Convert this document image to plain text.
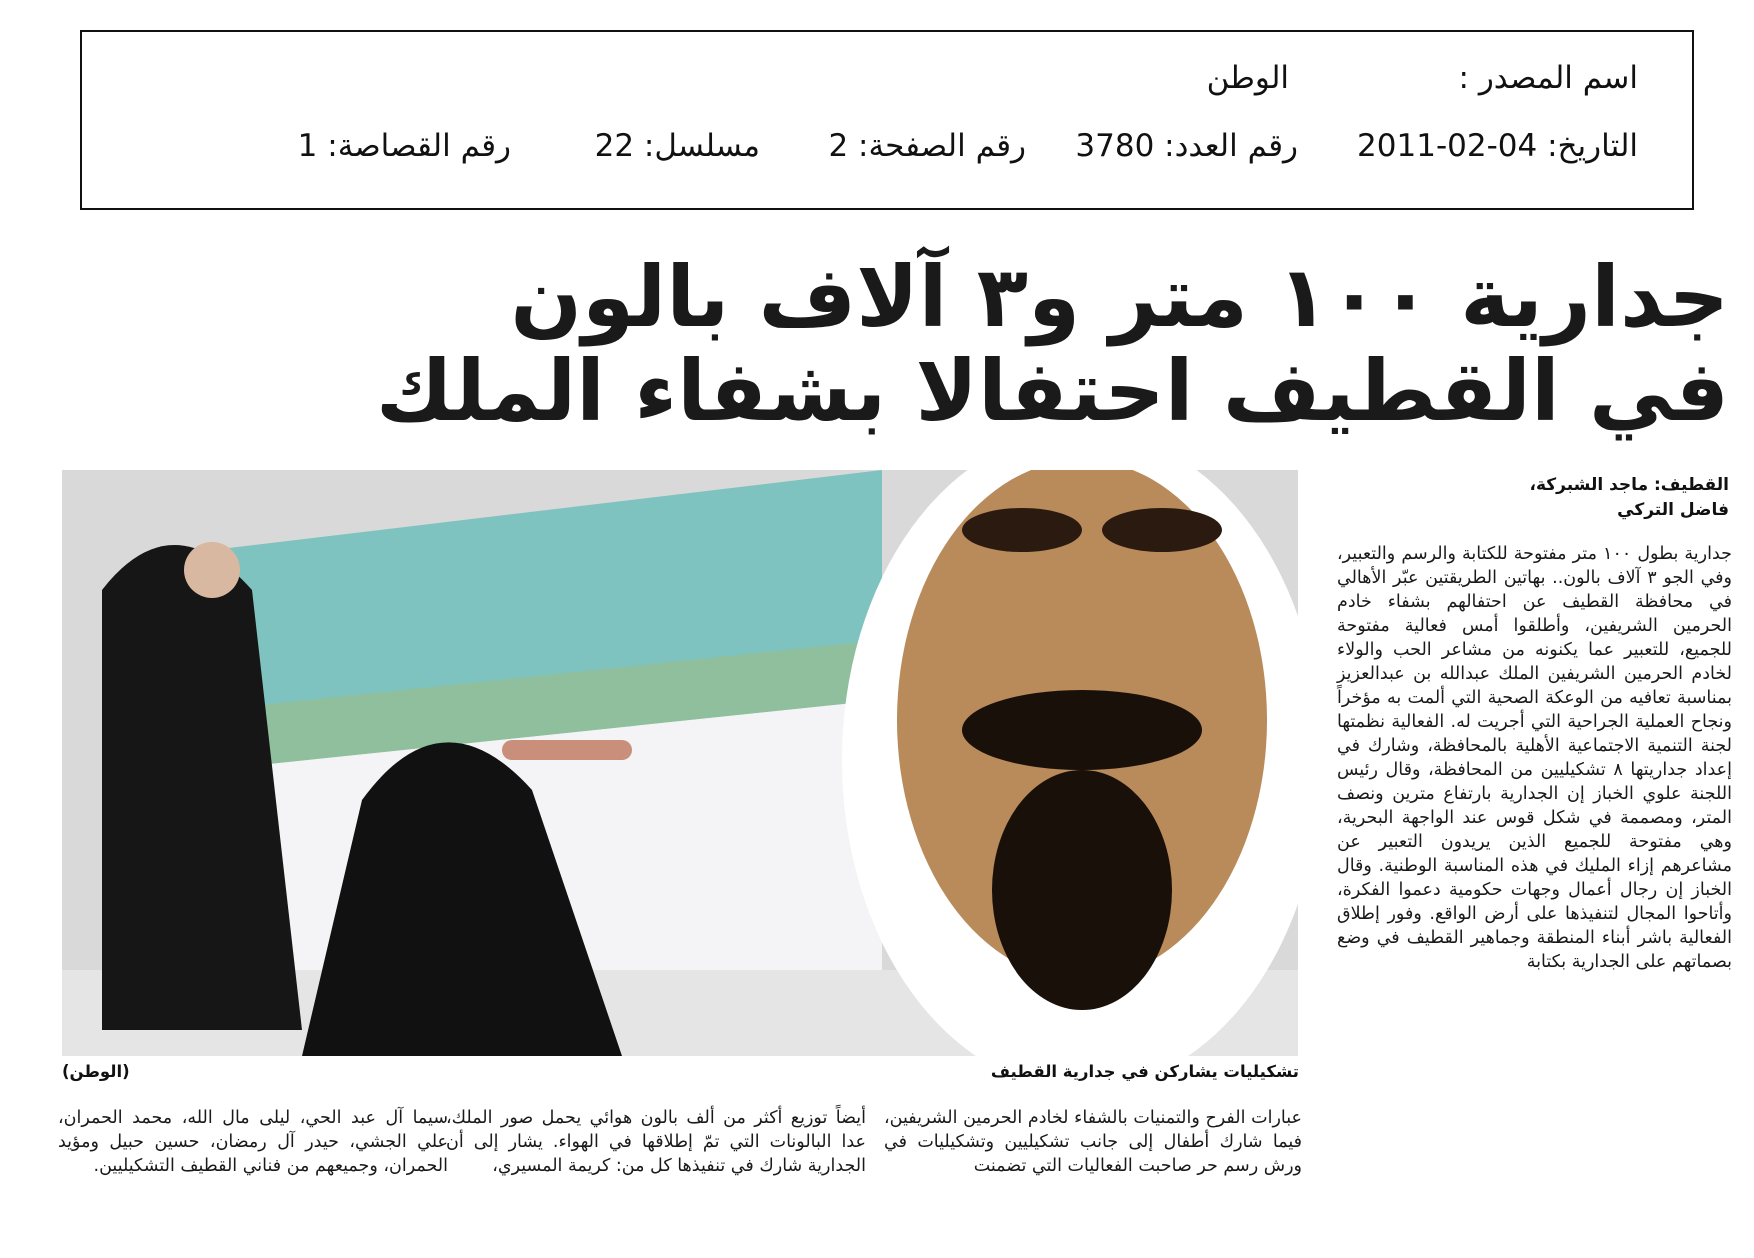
اسم المصدر :
الوطن
التاريخ: 04-02-2011
رقم العدد: 3780
رقم الصفحة: 2
مسلسل: 22
رقم القصاصة: 1
جدارية ١٠٠ متر و٣ آلاف بالون
في القطيف احتفالا بشفاء الملك
القطيف: ماجد الشبركة،
فاضل التركي
جدارية بطول ١٠٠ متر مفتوحة للكتابة والرسم والتعبير، وفي الجو ٣ آلاف بالون.. بهاتين الطريقتين عبّر الأهالي في محافظة القطيف عن احتفالهم بشفاء خادم الحرمين الشريفين، وأطلقوا أمس فعالية مفتوحة للجميع، للتعبير عما يكنونه من مشاعر الحب والولاء لخادم الحرمين الشريفين الملك عبدالله بن عبدالعزيز بمناسبة تعافيه من الوعكة الصحية التي ألمت به مؤخراً ونجاح العملية الجراحية التي أجريت له. الفعالية نظمتها لجنة التنمية الاجتماعية الأهلية بالمحافظة، وشارك في إعداد جداريتها ٨ تشكيليين من المحافظة، وقال رئيس اللجنة علوي الخباز إن الجدارية بارتفاع مترين ونصف المتر، ومصممة في شكل قوس عند الواجهة البحرية، وهي مفتوحة للجميع الذين يريدون التعبير عن مشاعرهم إزاء المليك في هذه المناسبة الوطنية. وقال الخباز إن رجال أعمال وجهات حكومية دعموا الفكرة، وأتاحوا المجال لتنفيذها على أرض الواقع. وفور إطلاق الفعالية باشر أبناء المنطقة وجماهير القطيف في وضع بصماتهم على الجدارية بكتابة
تشكيليات يشاركن في جدارية القطيف
(الوطن)
عبارات الفرح والتمنيات بالشفاء لخادم الحرمين الشريفين، فيما شارك أطفال إلى جانب تشكيليين وتشكيليات في ورش رسم حر صاحبت الفعاليات التي تضمنت
أيضاً توزيع أكثر من ألف بالون هوائي يحمل صور الملك، عدا البالونات التي تمّ إطلاقها في الهواء. يشار إلى أن الجدارية شارك في تنفيذها كل من: كريمة المسيري،
سيما آل عبد الحي، ليلى مال الله، محمد الحمران، علي الجشي، حيدر آل رمضان، حسين حبيل ومؤيد الحمران، وجميعهم من فناني القطيف التشكيليين.
